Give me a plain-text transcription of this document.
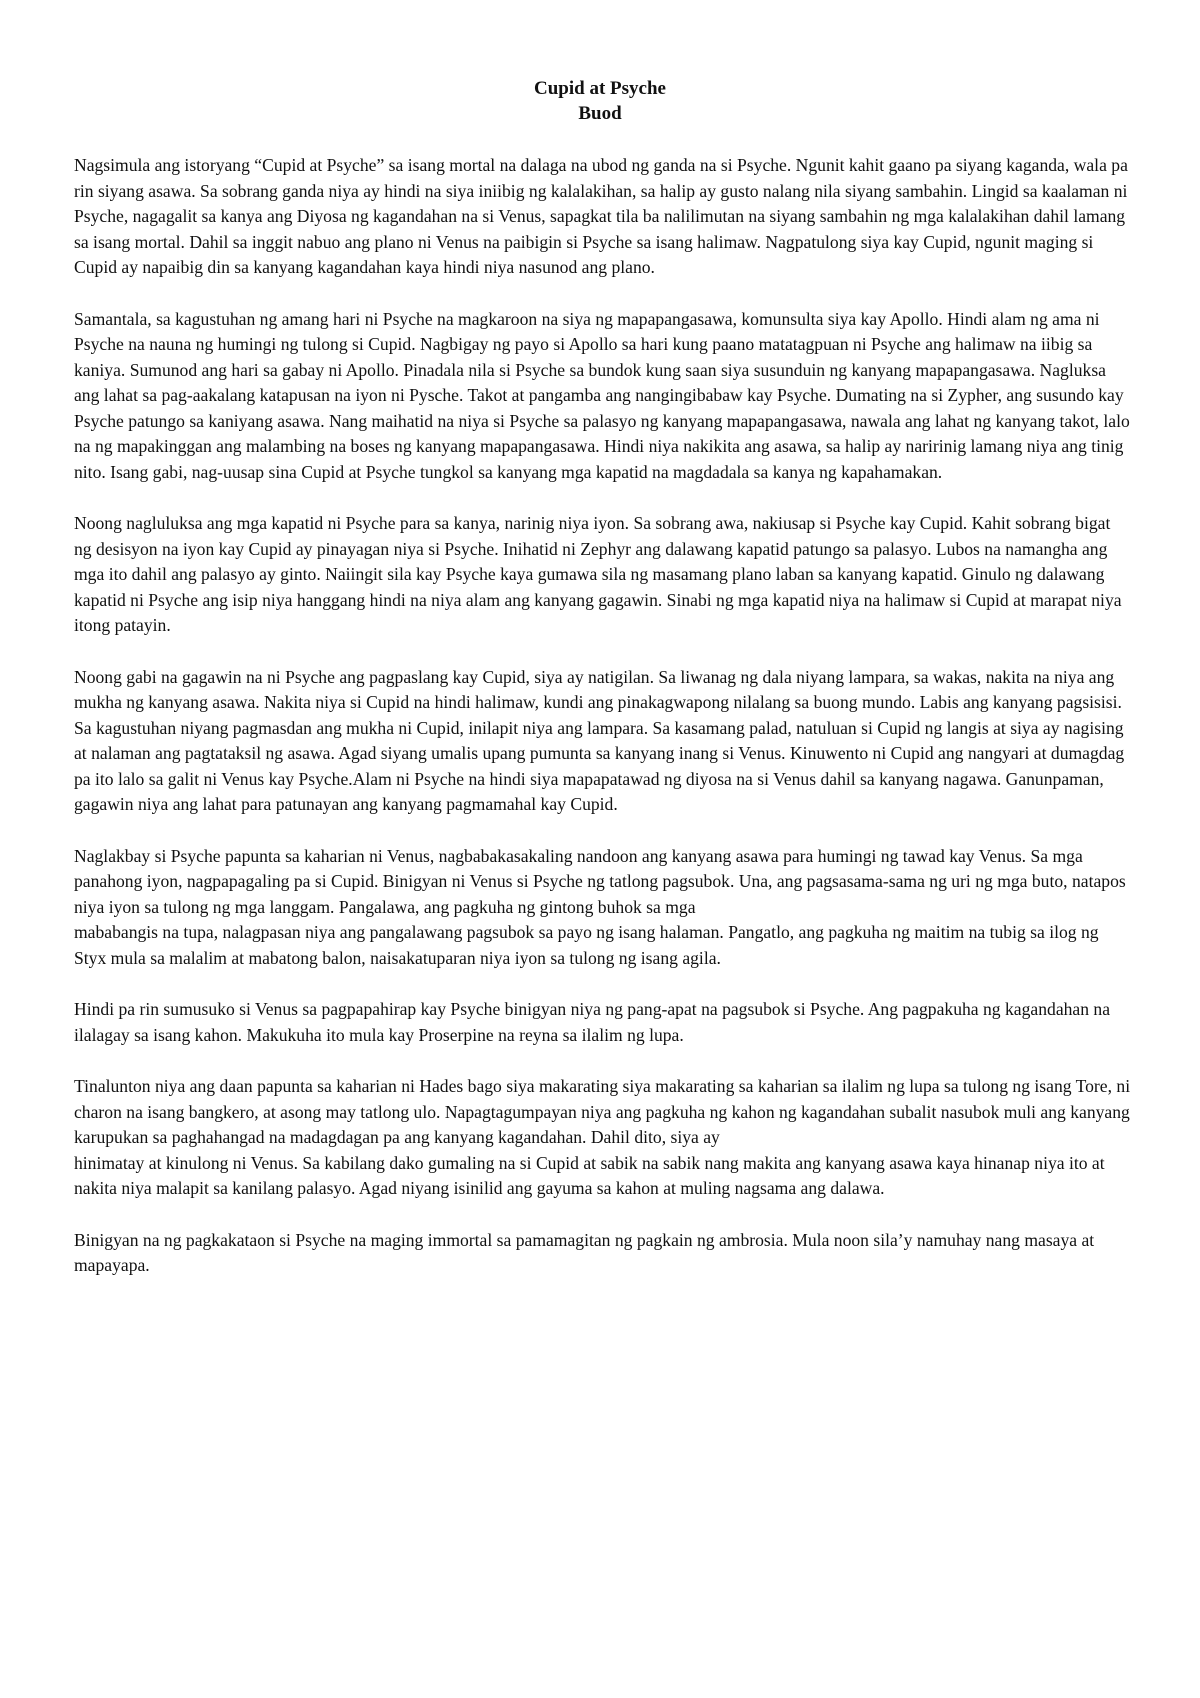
Cupid at Psyche
Buod

Nagsimula ang istoryang “Cupid at Psyche” sa isang mortal na dalaga na ubod ng ganda na si Psyche. Ngunit kahit gaano pa siyang kaganda, wala pa rin siyang asawa. Sa sobrang ganda niya ay hindi na siya iniibig ng kalalakihan, sa halip ay gusto nalang nila siyang sambahin. Lingid sa kaalaman ni Psyche, nagagalit sa kanya ang Diyosa ng kagandahan na si Venus, sapagkat tila ba nalilimutan na siyang sambahin ng mga kalalakihan dahil lamang sa isang mortal. Dahil sa inggit nabuo ang plano ni Venus na paibigin si Psyche sa isang halimaw. Nagpatulong siya kay Cupid, ngunit maging si Cupid ay napaibig din sa kanyang kagandahan kaya hindi niya nasunod ang plano.

Samantala, sa kagustuhan ng amang hari ni Psyche na magkaroon na siya ng mapapangasawa, komunsulta siya kay Apollo. Hindi alam ng ama ni Psyche na nauna ng humingi ng tulong si Cupid. Nagbigay ng payo si Apollo sa hari kung paano matatagpuan ni Psyche ang halimaw na iibig sa kaniya. Sumunod ang hari sa gabay ni Apollo. Pinadala nila si Psyche sa bundok kung saan siya susunduin ng kanyang mapapangasawa. Nagluksa ang lahat sa pag-aakalang katapusan na iyon ni Pysche. Takot at pangamba ang nangingibabaw kay Psyche. Dumating na si Zypher, ang susundo kay Psyche patungo sa kaniyang asawa. Nang maihatid na niya si Psyche sa palasyo ng kanyang mapapangasawa, nawala ang lahat ng kanyang takot, lalo na ng mapakinggan ang malambing na boses ng kanyang mapapangasawa. Hindi niya nakikita ang asawa, sa halip ay naririnig lamang niya ang tinig nito. Isang gabi, nag-uusap sina Cupid at Psyche tungkol sa kanyang mga kapatid na magdadala sa kanya ng kapahamakan.

Noong nagluluksa ang mga kapatid ni Psyche para sa kanya, narinig niya iyon. Sa sobrang awa, nakiusap si Psyche kay Cupid. Kahit sobrang bigat ng desisyon na iyon kay Cupid ay pinayagan niya si Psyche. Inihatid ni Zephyr ang dalawang kapatid patungo sa palasyo. Lubos na namangha ang mga ito dahil ang palasyo ay ginto. Naiingit sila kay Psyche kaya gumawa sila ng masamang plano laban sa kanyang kapatid. Ginulo ng dalawang kapatid ni Psyche ang isip niya hanggang hindi na niya alam ang kanyang gagawin. Sinabi ng mga kapatid niya na halimaw si Cupid at marapat niya itong patayin.

Noong gabi na gagawin na ni Psyche ang pagpaslang kay Cupid, siya ay natigilan. Sa liwanag ng dala niyang lampara, sa wakas, nakita na niya ang mukha ng kanyang asawa. Nakita niya si Cupid na hindi halimaw, kundi ang pinakagwapong nilalang sa buong mundo. Labis ang kanyang pagsisisi. Sa kagustuhan niyang pagmasdan ang mukha ni Cupid, inilapit niya ang lampara. Sa kasamang palad, natuluan si Cupid ng langis at siya ay nagising at nalaman ang pagtataksil ng asawa. Agad siyang umalis upang pumunta sa kanyang inang si Venus. Kinuwento ni Cupid ang nangyari at dumagdag pa ito lalo sa galit ni Venus kay Psyche.Alam ni Psyche na hindi siya mapapatawad ng diyosa na si Venus dahil sa kanyang nagawa. Ganunpaman, gagawin niya ang lahat para patunayan ang kanyang pagmamahal kay Cupid.

Naglakbay si Psyche papunta sa kaharian ni Venus, nagbabakasakaling nandoon ang kanyang asawa para humingi ng tawad kay Venus. Sa mga panahong iyon, nagpapagaling pa si Cupid. Binigyan ni Venus si Psyche ng tatlong pagsubok. Una, ang pagsasama-sama ng uri ng mga buto, natapos niya iyon sa tulong ng mga langgam. Pangalawa, ang pagkuha ng gintong buhok sa mga

mababangis na tupa, nalagpasan niya ang pangalawang pagsubok sa payo ng isang halaman. Pangatlo, ang pagkuha ng maitim na tubig sa ilog ng Styx mula sa malalim at mabatong balon, naisakatuparan niya iyon sa tulong ng isang agila.

Hindi pa rin sumusuko si Venus sa pagpapahirap kay Psyche binigyan niya ng pang-apat na pagsubok si Psyche. Ang pagpakuha ng kagandahan na ilalagay sa isang kahon. Makukuha ito mula kay Proserpine na reyna sa ilalim ng lupa.

Tinalunton niya ang daan papunta sa kaharian ni Hades bago siya makarating siya makarating sa kaharian sa ilalim ng lupa sa tulong ng isang Tore, ni charon na isang bangkero, at asong may tatlong ulo. Napagtagumpayan niya ang pagkuha ng kahon ng kagandahan subalit nasubok muli ang kanyang karupukan sa paghahangad na madagdagan pa ang kanyang kagandahan. Dahil dito, siya ay

hinimatay at kinulong ni Venus. Sa kabilang dako gumaling na si Cupid at sabik na sabik nang makita ang kanyang asawa kaya hinanap niya ito at nakita niya malapit sa kanilang palasyo. Agad niyang isinilid ang gayuma sa kahon at muling nagsama ang dalawa.

Binigyan na ng pagkakataon si Psyche na maging immortal sa pamamagitan ng pagkain ng ambrosia. Mula noon sila’y namuhay nang masaya at mapayapa.
